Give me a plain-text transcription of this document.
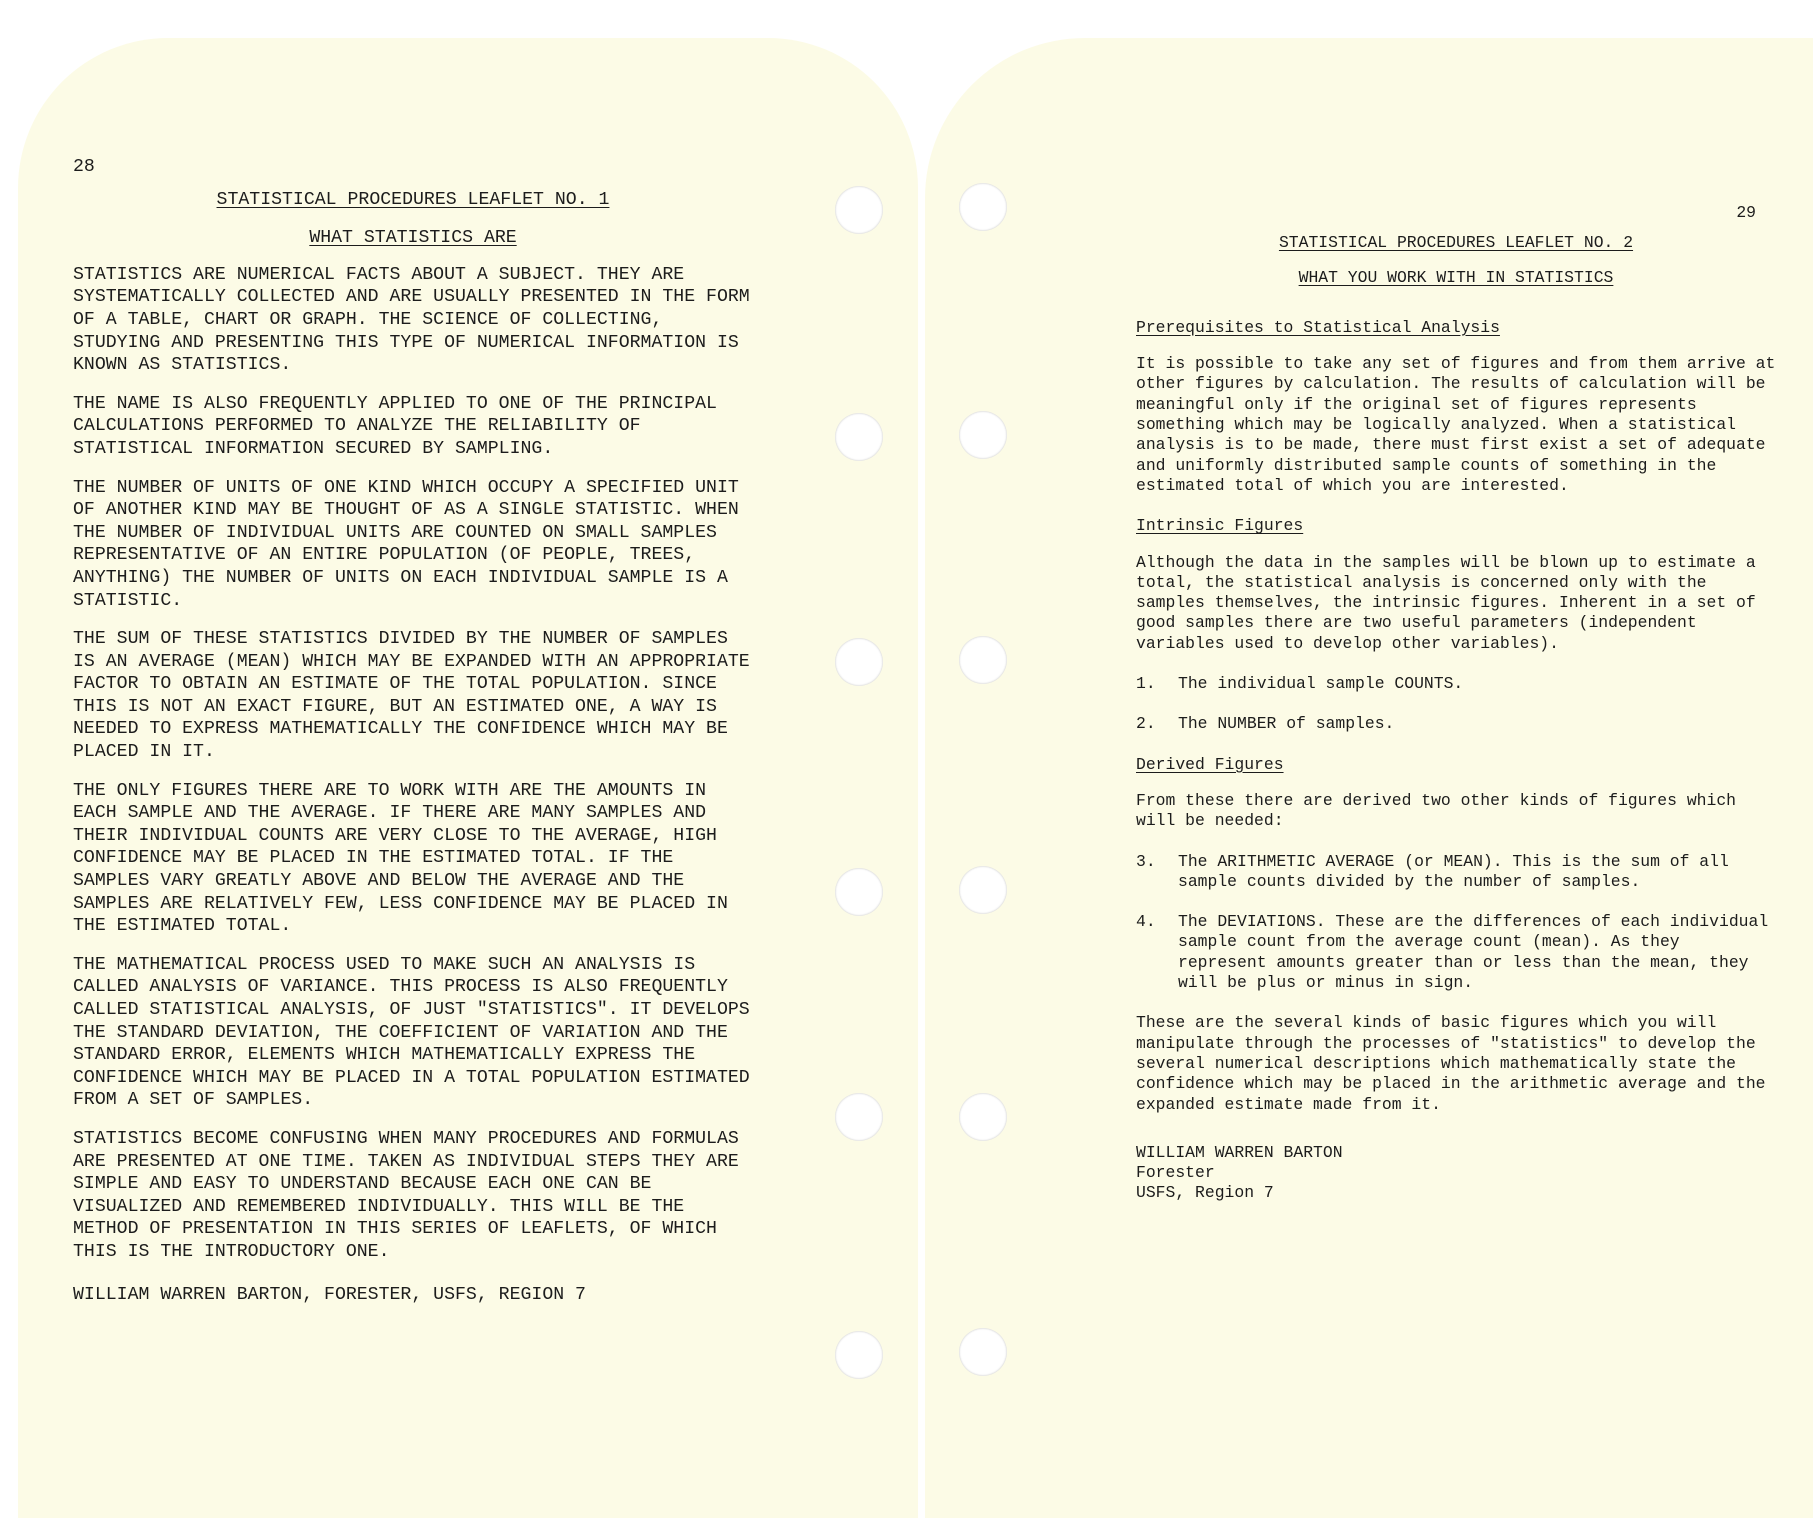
28

STATISTICAL PROCEDURES LEAFLET NO. 1

WHAT STATISTICS ARE

STATISTICS ARE NUMERICAL FACTS ABOUT A SUBJECT. THEY ARE SYSTEMATICALLY COLLECTED AND ARE USUALLY PRESENTED IN THE FORM OF A TABLE, CHART OR GRAPH. THE SCIENCE OF COLLECTING, STUDYING AND PRESENTING THIS TYPE OF NUMERICAL INFORMATION IS KNOWN AS STATISTICS.

THE NAME IS ALSO FREQUENTLY APPLIED TO ONE OF THE PRINCIPAL CALCULATIONS PERFORMED TO ANALYZE THE RELIABILITY OF STATISTICAL INFORMATION SECURED BY SAMPLING.

THE NUMBER OF UNITS OF ONE KIND WHICH OCCUPY A SPECIFIED UNIT OF ANOTHER KIND MAY BE THOUGHT OF AS A SINGLE STATISTIC. WHEN THE NUMBER OF INDIVIDUAL UNITS ARE COUNTED ON SMALL SAMPLES REPRESENTATIVE OF AN ENTIRE POPULATION (OF PEOPLE, TREES, ANYTHING) THE NUMBER OF UNITS ON EACH INDIVIDUAL SAMPLE IS A STATISTIC.

THE SUM OF THESE STATISTICS DIVIDED BY THE NUMBER OF SAMPLES IS AN AVERAGE (MEAN) WHICH MAY BE EXPANDED WITH AN APPROPRIATE FACTOR TO OBTAIN AN ESTIMATE OF THE TOTAL POPULATION. SINCE THIS IS NOT AN EXACT FIGURE, BUT AN ESTIMATED ONE, A WAY IS NEEDED TO EXPRESS MATHEMATICALLY THE CONFIDENCE WHICH MAY BE PLACED IN IT.

THE ONLY FIGURES THERE ARE TO WORK WITH ARE THE AMOUNTS IN EACH SAMPLE AND THE AVERAGE. IF THERE ARE MANY SAMPLES AND THEIR INDIVIDUAL COUNTS ARE VERY CLOSE TO THE AVERAGE, HIGH CONFIDENCE MAY BE PLACED IN THE ESTIMATED TOTAL. IF THE SAMPLES VARY GREATLY ABOVE AND BELOW THE AVERAGE AND THE SAMPLES ARE RELATIVELY FEW, LESS CONFIDENCE MAY BE PLACED IN THE ESTIMATED TOTAL.

THE MATHEMATICAL PROCESS USED TO MAKE SUCH AN ANALYSIS IS CALLED ANALYSIS OF VARIANCE. THIS PROCESS IS ALSO FREQUENTLY CALLED STATISTICAL ANALYSIS, OF JUST "STATISTICS". IT DEVELOPS THE STANDARD DEVIATION, THE COEFFICIENT OF VARIATION AND THE STANDARD ERROR, ELEMENTS WHICH MATHEMATICALLY EXPRESS THE CONFIDENCE WHICH MAY BE PLACED IN A TOTAL POPULATION ESTIMATED FROM A SET OF SAMPLES.

STATISTICS BECOME CONFUSING WHEN MANY PROCEDURES AND FORMULAS ARE PRESENTED AT ONE TIME. TAKEN AS INDIVIDUAL STEPS THEY ARE SIMPLE AND EASY TO UNDERSTAND BECAUSE EACH ONE CAN BE VISUALIZED AND REMEMBERED INDIVIDUALLY. THIS WILL BE THE METHOD OF PRESENTATION IN THIS SERIES OF LEAFLETS, OF WHICH THIS IS THE INTRODUCTORY ONE.

WILLIAM WARREN BARTON, FORESTER, USFS, REGION 7

29

STATISTICAL PROCEDURES LEAFLET NO. 2

WHAT YOU WORK WITH IN STATISTICS

Prerequisites to Statistical Analysis

It is possible to take any set of figures and from them arrive at other figures by calculation. The results of calculation will be meaningful only if the original set of figures represents something which may be logically analyzed. When a statistical analysis is to be made, there must first exist a set of adequate and uniformly distributed sample counts of something in the estimated total of which you are interested.

Intrinsic Figures

Although the data in the samples will be blown up to estimate a total, the statistical analysis is concerned only with the samples themselves, the intrinsic figures. Inherent in a set of good samples there are two useful parameters (independent variables used to develop other variables).

1.	The individual sample COUNTS.
2.	The NUMBER of samples.

Derived Figures

From these there are derived two other kinds of figures which will be needed:

3.	The ARITHMETIC AVERAGE (or MEAN). This is the sum of all sample counts divided by the number of samples.
4.	The DEVIATIONS. These are the differences of each individual sample count from the average count (mean). As they represent amounts greater than or less than the mean, they will be plus or minus in sign.

These are the several kinds of basic figures which you will manipulate through the processes of "statistics" to develop the several numerical descriptions which mathematically state the confidence which may be placed in the arithmetic average and the expanded estimate made from it.

WILLIAM WARREN BARTON

Forester

USFS, Region 7
